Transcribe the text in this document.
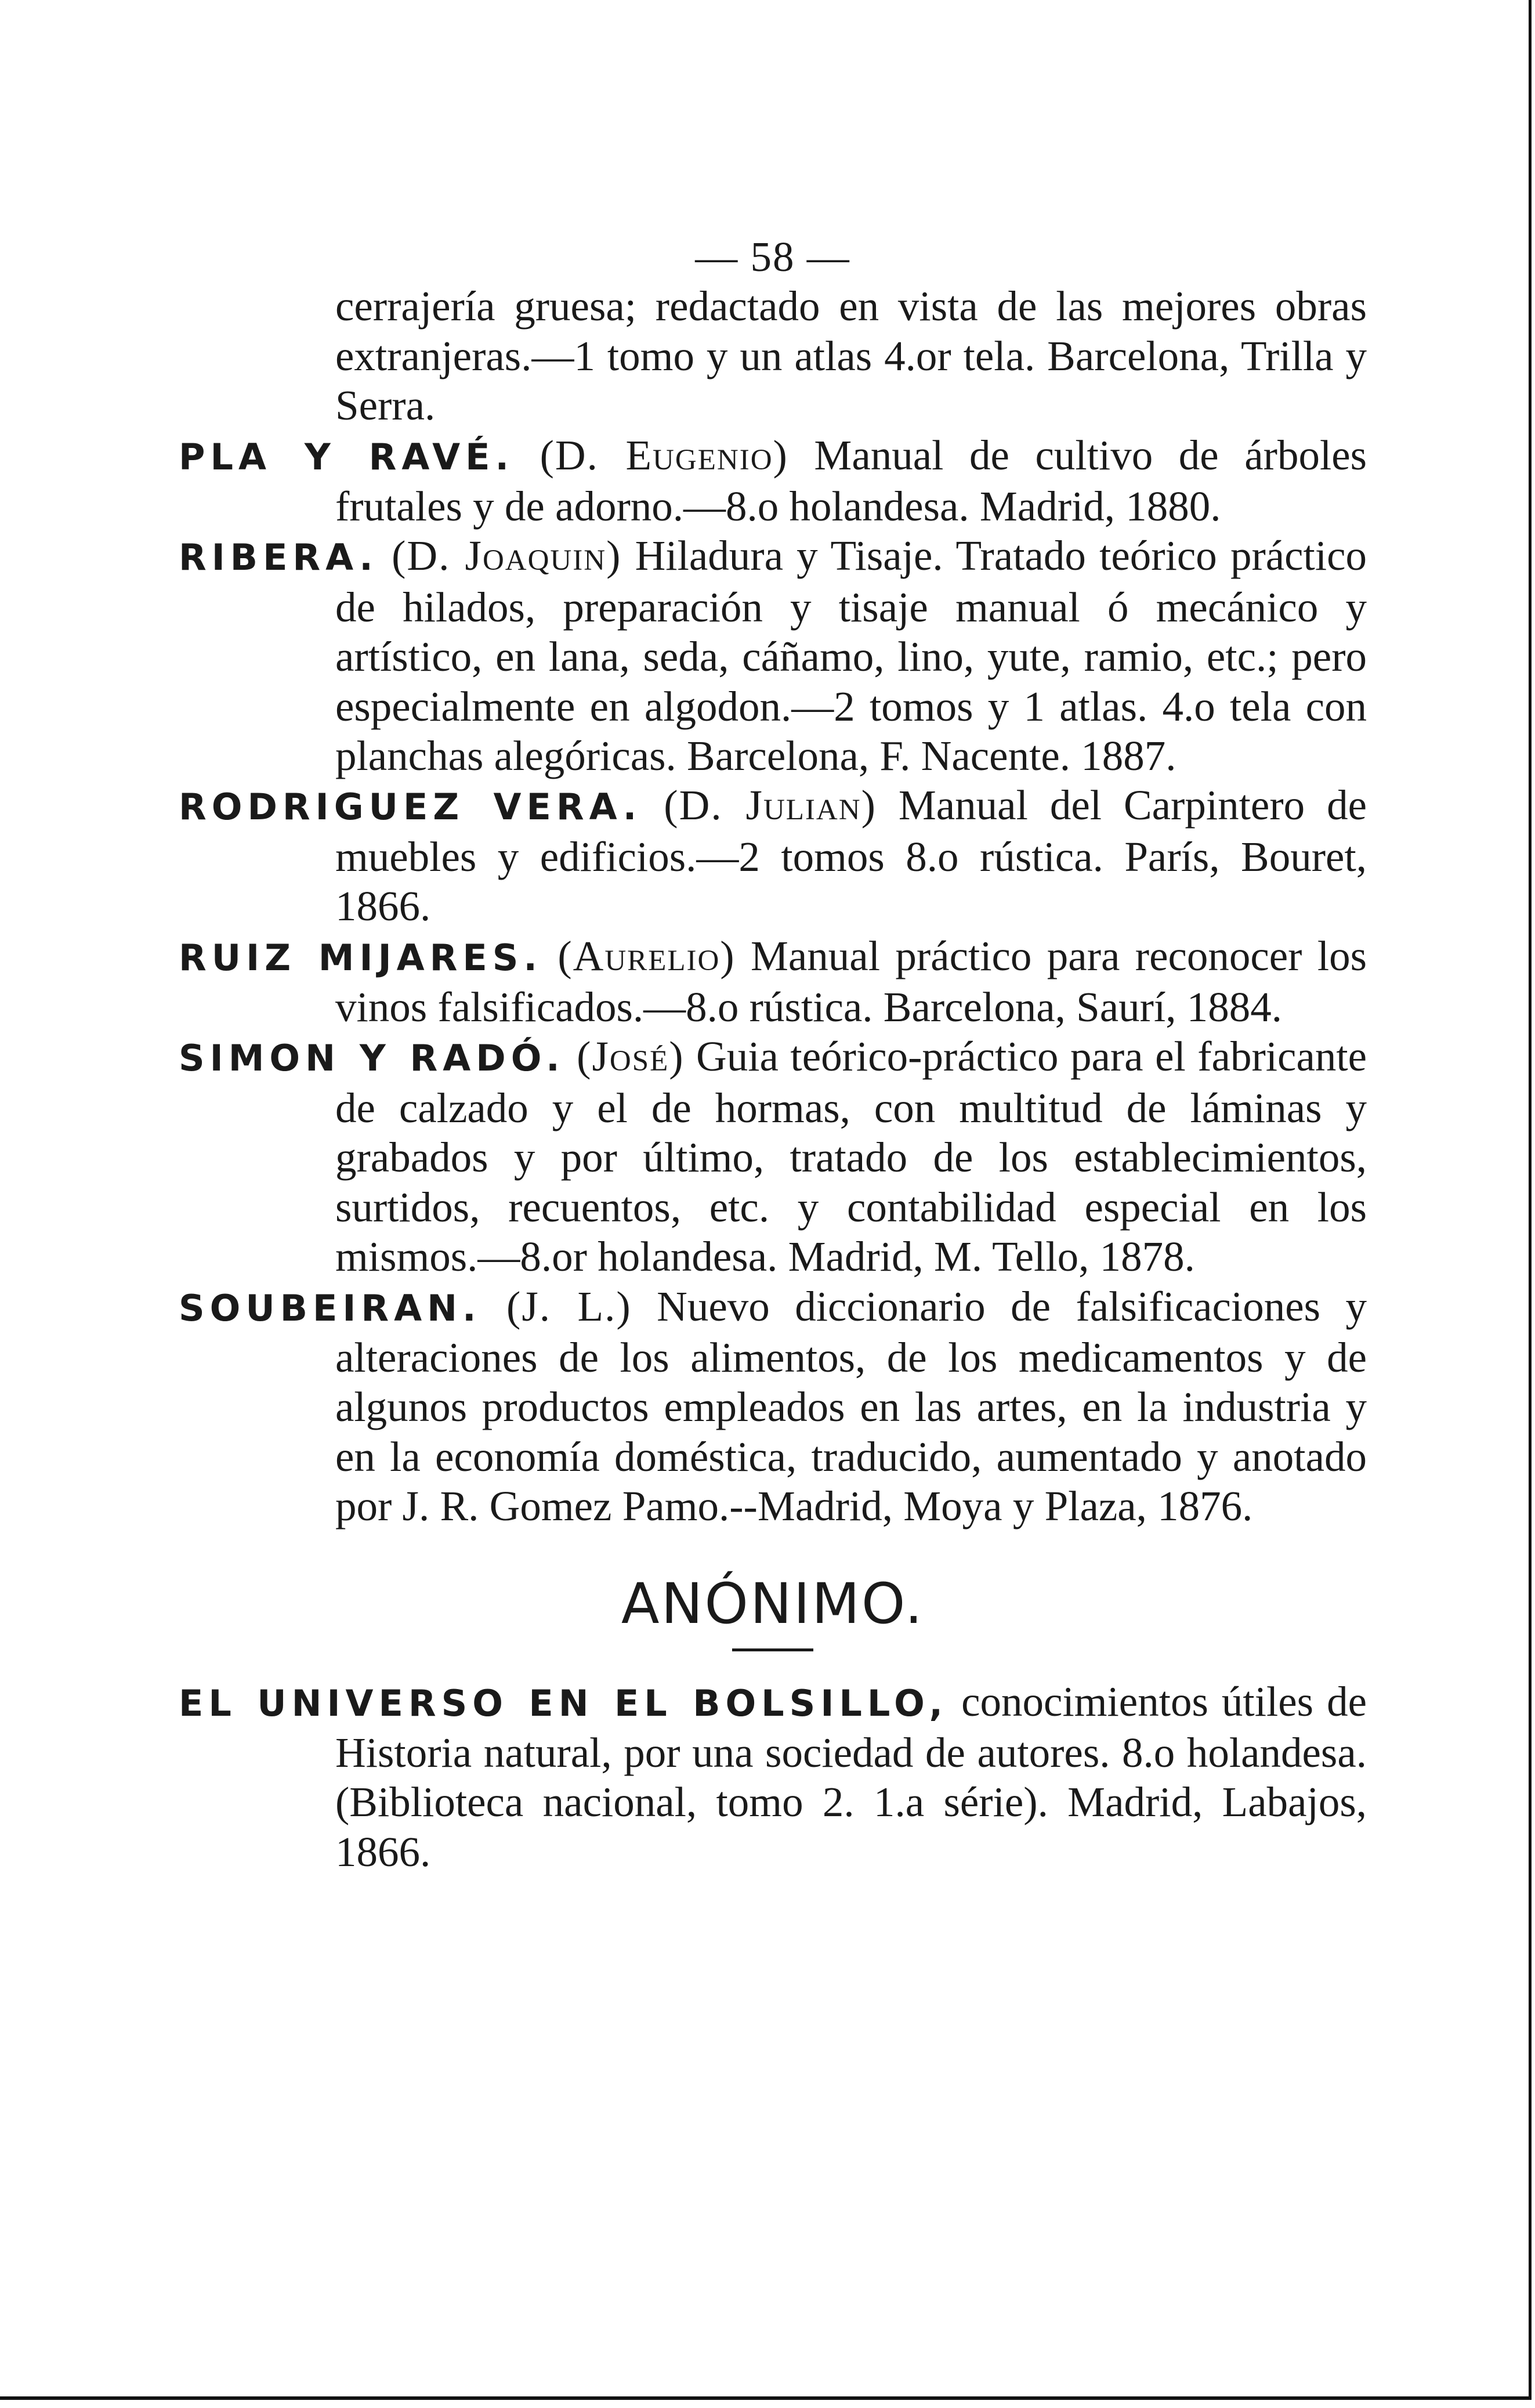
— 58 —
cerrajería gruesa; redactado en vista de las mejores obras extranjeras.—1 tomo y un atlas 4.or tela. Barcelona, Trilla y Serra.
PLA Y RAVÉ. (D. Eugenio) Manual de cultivo de árboles frutales y de adorno.—8.o holandesa. Madrid, 1880.
RIBERA. (D. Joaquin) Hiladura y Tisaje. Tratado teórico práctico de hilados, preparación y tisaje manual ó mecánico y artístico, en lana, seda, cáñamo, lino, yute, ramio, etc.; pero especialmente en algodon.—2 tomos y 1 atlas. 4.o tela con planchas alegóricas. Barcelona, F. Nacente. 1887.
RODRIGUEZ VERA. (D. Julian) Manual del Carpintero de muebles y edificios.—2 tomos 8.o rústica. París, Bouret, 1866.
RUIZ MIJARES. (Aurelio) Manual práctico para reconocer los vinos falsificados.—8.o rústica. Barcelona, Saurí, 1884.
SIMON Y RADÓ. (José) Guia teórico-práctico para el fabricante de calzado y el de hormas, con multitud de láminas y grabados y por último, tratado de los establecimientos, surtidos, recuentos, etc. y contabilidad especial en los mismos.—8.or holandesa. Madrid, M. Tello, 1878.
SOUBEIRAN. (J. L.) Nuevo diccionario de falsificaciones y alteraciones de los alimentos, de los medicamentos y de algunos productos empleados en las artes, en la industria y en la economía doméstica, traducido, aumentado y anotado por J. R. Gomez Pamo.--Madrid, Moya y Plaza, 1876.
ANÓNIMO.
EL UNIVERSO EN EL BOLSILLO, conocimientos útiles de Historia natural, por una sociedad de autores. 8.o holandesa. (Biblioteca nacional, tomo 2. 1.a série). Madrid, Labajos, 1866.
